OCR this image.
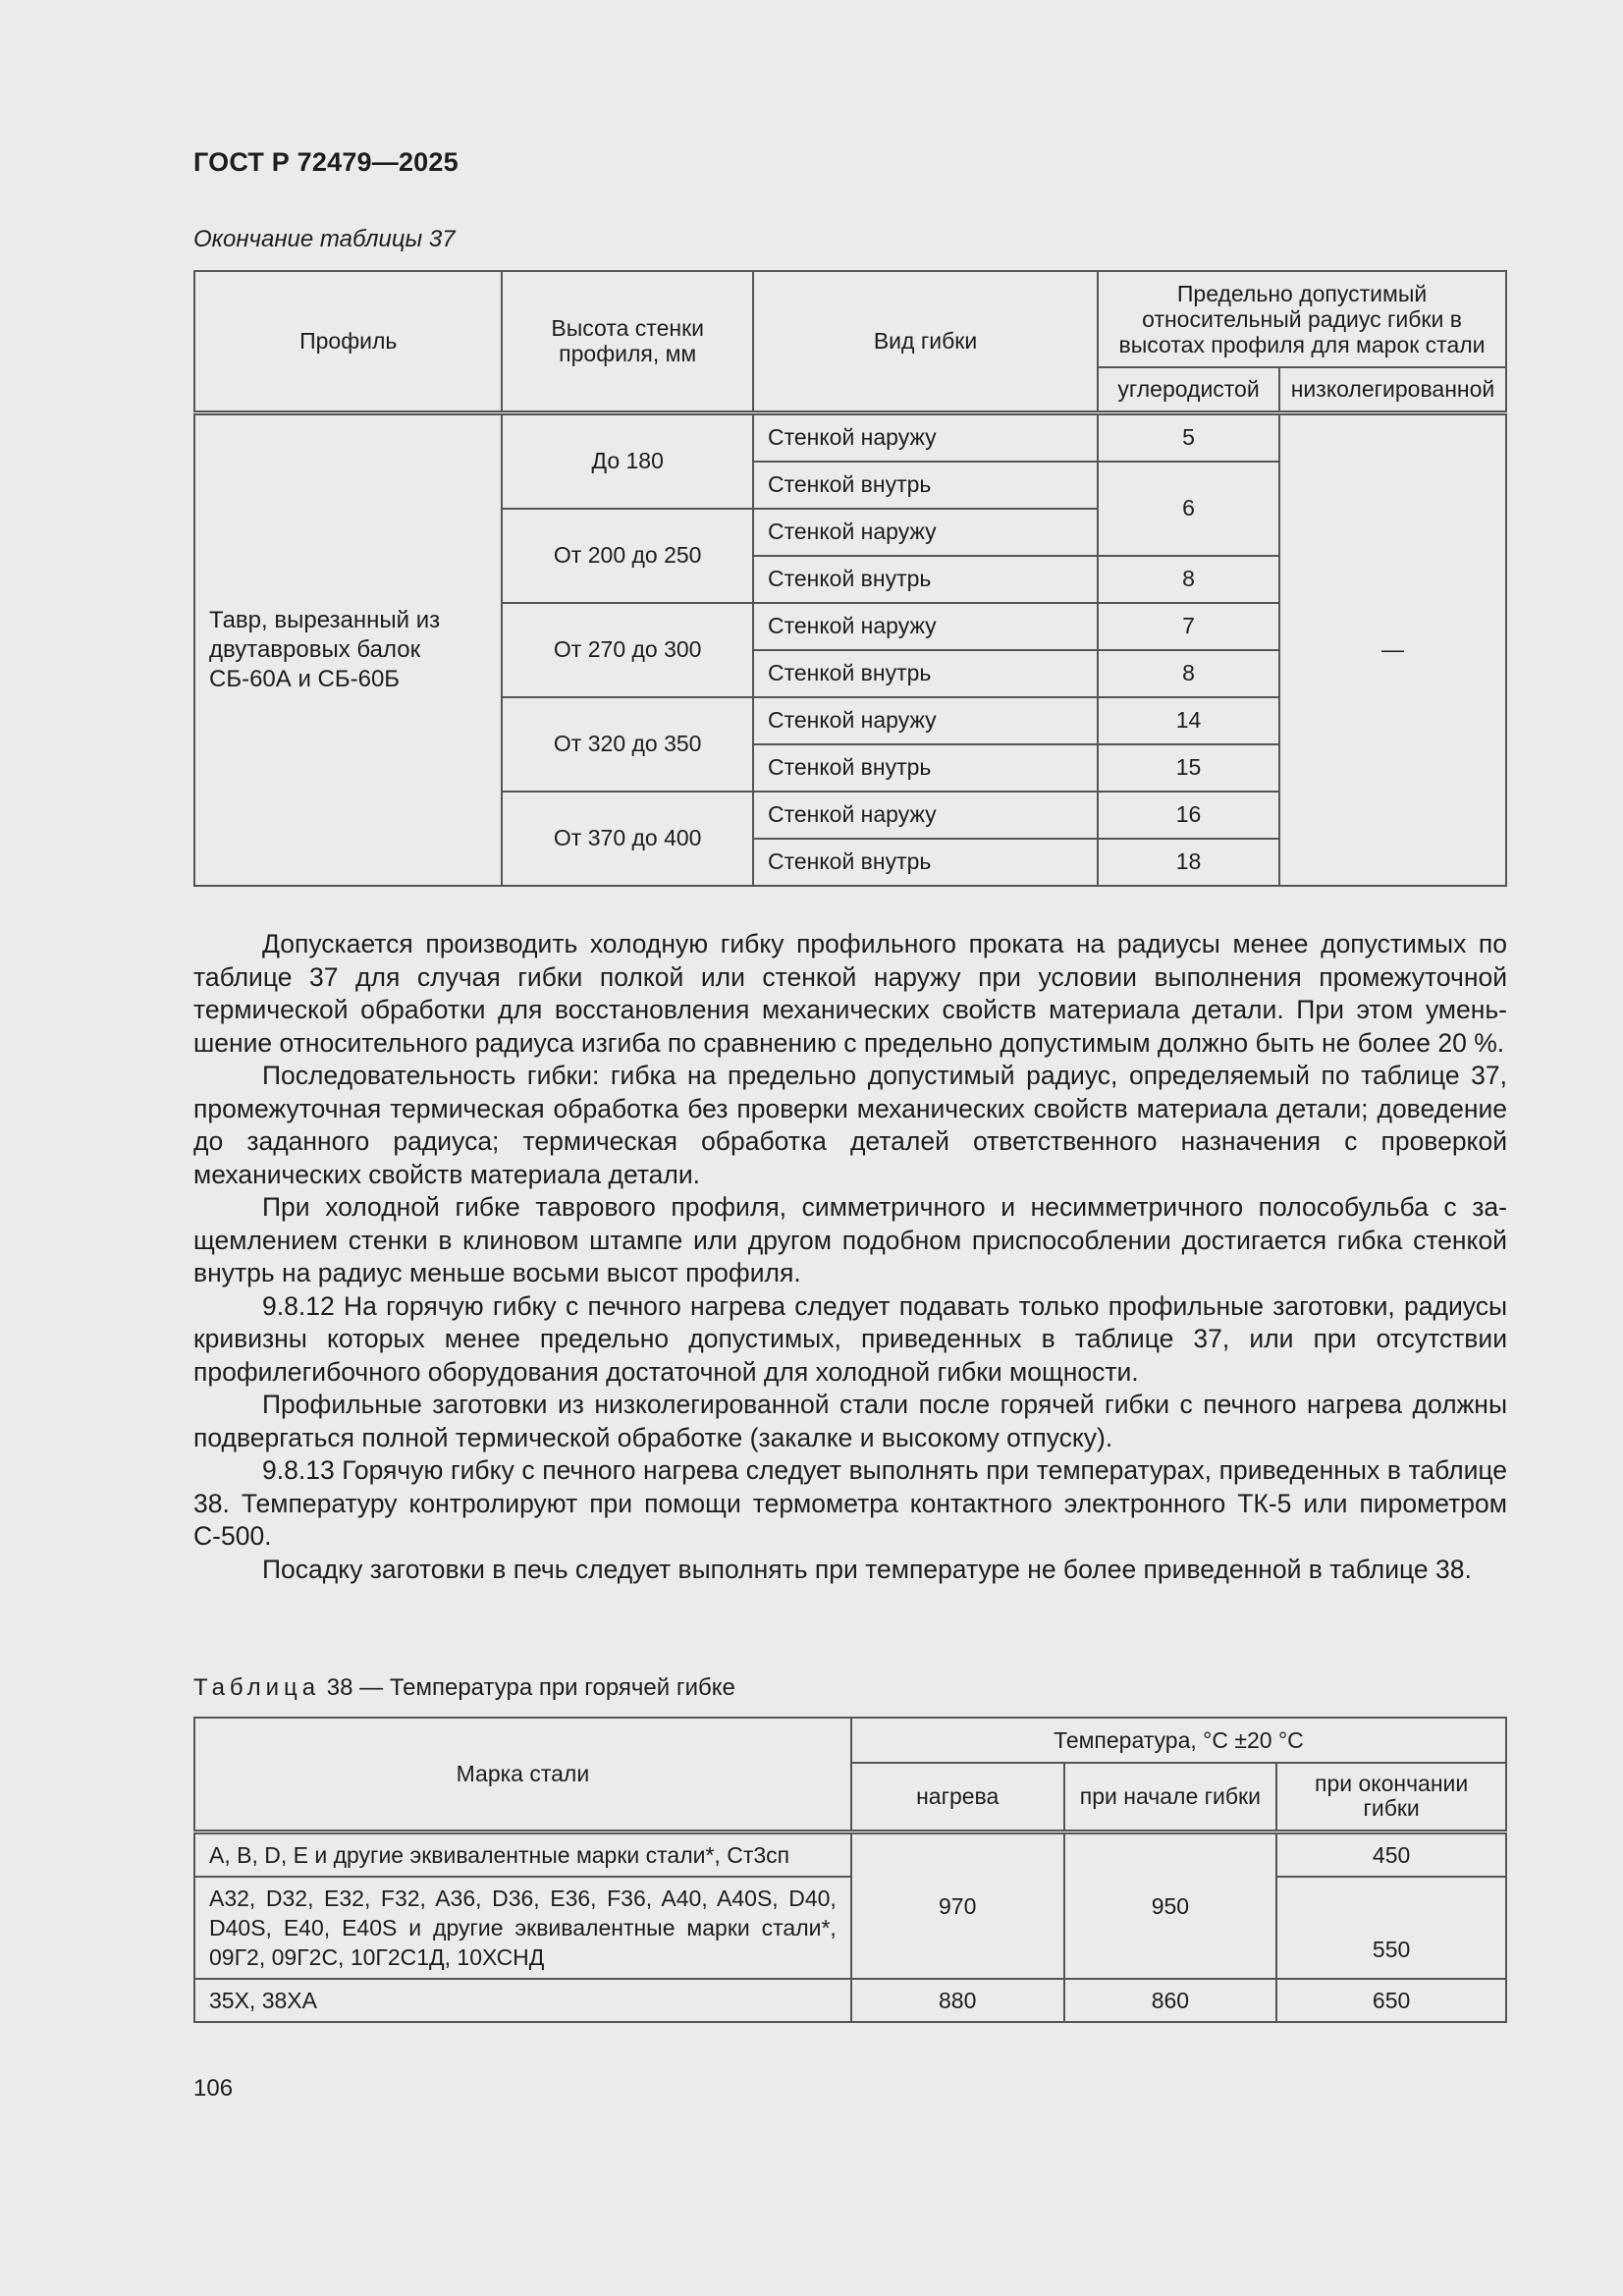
ГОСТ Р 72479—2025
Окончание таблицы 37
Профиль	Высота стенки профиля, мм	Вид гибки	Предельно допустимый относительный радиус гибки в высотах профиля для марок стали	
			углеродистой	низколегированной
Тавр, вырезанный из двутавровых балок СБ-60А и СБ-60Б	До 180	Стенкой наружу	5	—
		Стенкой внутрь	6	
	От 200 до 250	Стенкой наружу		
		Стенкой внутрь	8	
	От 270 до 300	Стенкой наружу	7	
		Стенкой внутрь	8	
	От 320 до 350	Стенкой наружу	14	
		Стенкой внутрь	15	
	От 370 до 400	Стенкой наружу	16	
		Стенкой внутрь	18	

Допускается производить холодную гибку профильного проката на радиусы менее допустимых по таблице 37 для случая гибки полкой или стенкой наружу при условии выполнения промежуточной термической обработки для восстановления механических свойств материала детали. При этом уменьшение относительного радиуса изгиба по сравнению с предельно допустимым должно быть не более 20 %.

Последовательность гибки: гибка на предельно допустимый радиус, определяемый по таблице 37, промежуточная термическая обработка без проверки механических свойств материала детали; доведение до заданного радиуса; термическая обработка деталей ответственного назначения с проверкой механических свойств материала детали.

При холодной гибке таврового профиля, симметричного и несимметричного полособульба с защемлением стенки в клиновом штампе или другом подобном приспособлении достигается гибка стенкой внутрь на радиус меньше восьми высот профиля.

9.8.12 На горячую гибку с печного нагрева следует подавать только профильные заготовки, радиусы кривизны которых менее предельно допустимых, приведенных в таблице 37, или при отсутствии профилегибочного оборудования достаточной для холодной гибки мощности.

Профильные заготовки из низколегированной стали после горячей гибки с печного нагрева должны подвергаться полной термической обработке (закалке и высокому отпуску).

9.8.13 Горячую гибку с печного нагрева следует выполнять при температурах, приведенных в таблице 38. Температуру контролируют при помощи термометра контактного электронного ТК-5 или пирометром С-500.

Посадку заготовки в печь следует выполнять при температуре не более приведенной в таблице 38.

Таблица 38 — Температура при горячей гибке
Марка стали	Температура, °С ±20 °С		
	нагрева	при начале гибки	при окончании гибки
A, B, D, E и другие эквивалентные марки стали*, Ст3сп	970	950	450
A32, D32, E32, F32, A36, D36, E36, F36, A40, A40S, D40, D40S, E40, E40S и другие эквивалентные марки стали*, 09Г2, 09Г2С, 10Г2С1Д, 10ХСНД			550
35Х, 38ХА	880	860	650
106
